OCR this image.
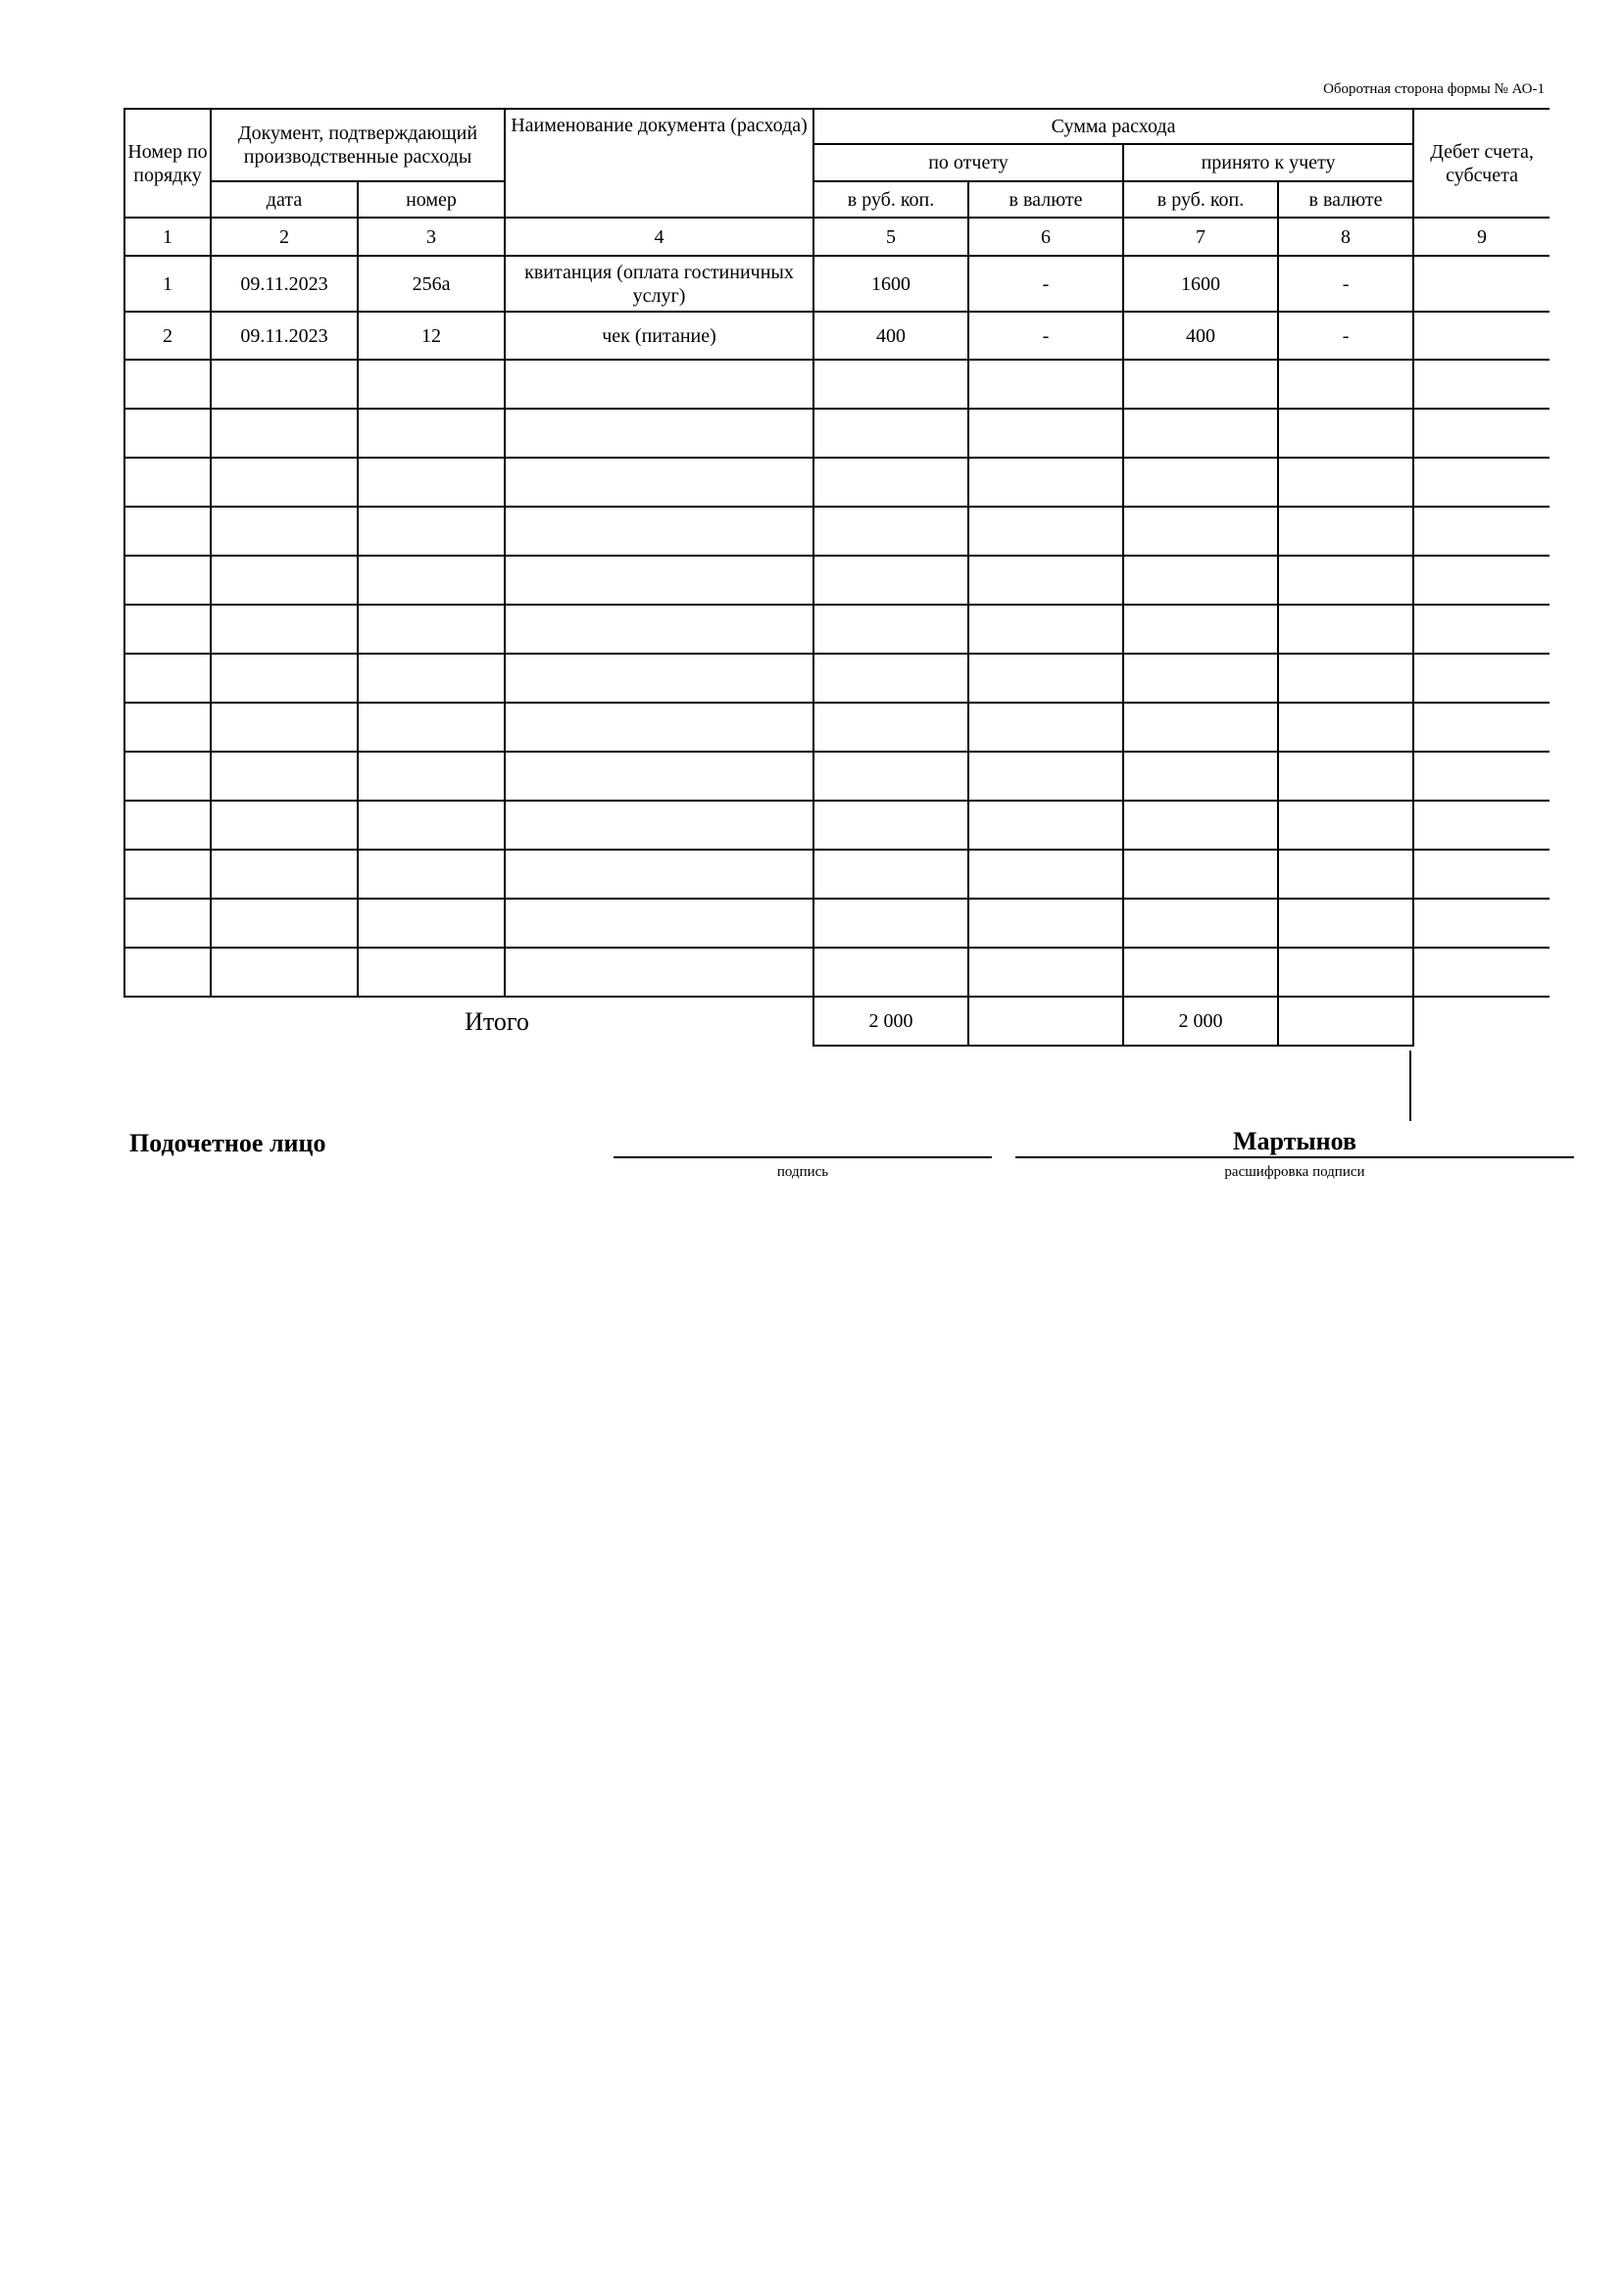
Оборотная сторона формы № АО-1
Номер по порядку	Документ, подтверждающий производственные расходы		Наименование документа (расхода)	Сумма расхода				Дебет счета, субсчета
				по отчету		принято к учету		
	дата	номер		в руб. коп.	в валюте	в руб. коп.	в валюте	
1	2	3	4	5	6	7	8	9
1	09.11.2023	256а	квитанция (оплата гостиничных услуг)	1600	-	1600	-	
2	09.11.2023	12	чек (питание)	400	-	400	-	

Итого				2 000		2 000		
Подочетное лицо
подпись
Мартынов
расшифровка подписи
